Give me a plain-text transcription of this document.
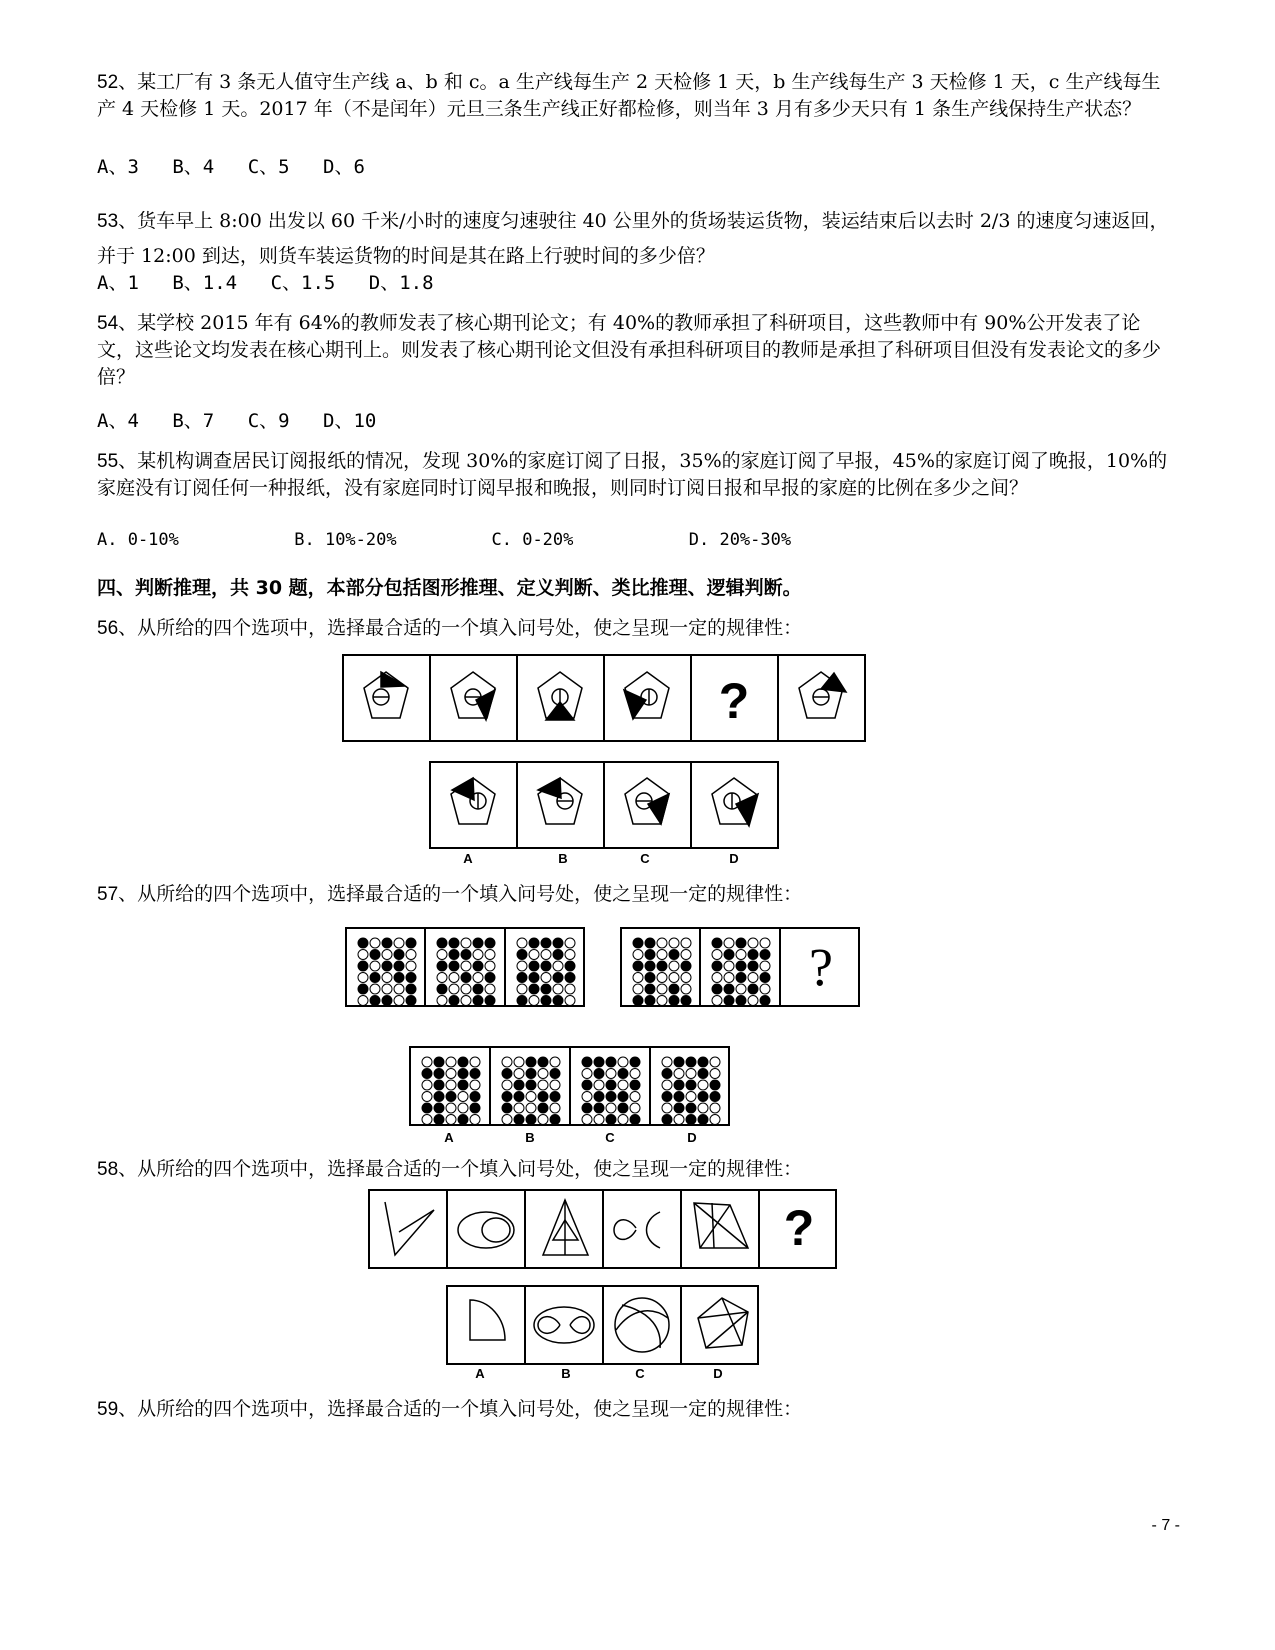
52、某工厂有 3 条无人值守生产线 a、b 和 c。a 生产线每生产 2 天检修 1 天，b 生产线每生产 3 天检修 1 天，c 生产线每生产 4 天检修 1 天。2017 年（不是闰年）元旦三条生产线正好都检修，则当年 3 月有多少天只有 1 条生产线保持生产状态？
A、3 B、4 C、5 D、6
53、货车早上 8:00 出发以 60 千米/小时的速度匀速驶往 40 公里外的货场装运货物，装运结束后以去时 2/3 的速度匀速返回，并于 12:00 到达，则货车装运货物的时间是其在路上行驶时间的多少倍？
A、1 B、1.4 C、1.5 D、1.8
54、某学校 2015 年有 64%的教师发表了核心期刊论文；有 40%的教师承担了科研项目，这些教师中有 90%公开发表了论文，这些论文均发表在核心期刊上。则发表了核心期刊论文但没有承担科研项目的教师是承担了科研项目但没有发表论文的多少倍？
A、4 B、7 C、9 D、10
55、某机构调查居民订阅报纸的情况，发现 30%的家庭订阅了日报，35%的家庭订阅了早报，45%的家庭订阅了晚报，10%的家庭没有订阅任何一种报纸，没有家庭同时订阅早报和晚报，则同时订阅日报和早报的家庭的比例在多少之间？
A. 0-10%	B. 10%-20%	C. 0-20%	D. 20%-30%
四、判断推理，共 30 题，本部分包括图形推理、定义判断、类比推理、逻辑判断。
56、从所给的四个选项中，选择最合适的一个填入问号处，使之呈现一定的规律性：
57、从所给的四个选项中，选择最合适的一个填入问号处，使之呈现一定的规律性：
58、从所给的四个选项中，选择最合适的一个填入问号处，使之呈现一定的规律性：
59、从所给的四个选项中，选择最合适的一个填入问号处，使之呈现一定的规律性：
- 7 -
?
A	B	C	D
?
A	B	C	D
?
A	B	C	D
